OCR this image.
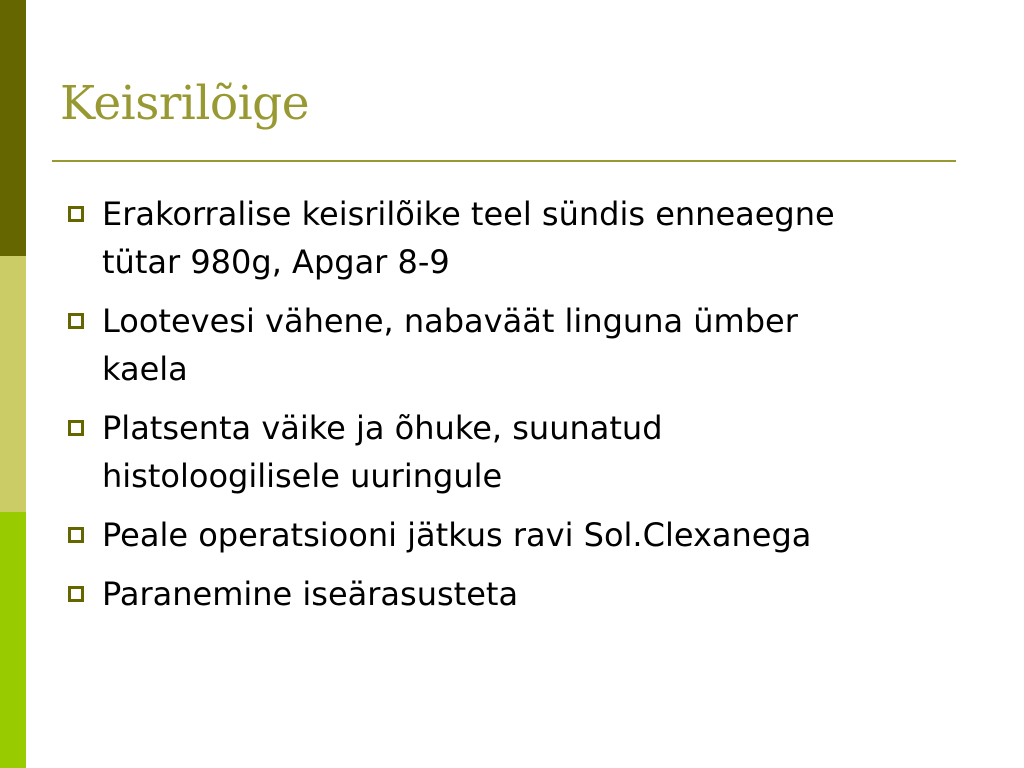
Keisrilõige
Erakorralise keisrilõike teel sündis enneaegne tütar 980g, Apgar 8-9
Lootevesi vähene, nabaväät linguna ümber kaela
Platsenta väike ja õhuke, suunatud histoloogilisele uuringule
Peale operatsiooni jätkus ravi Sol.Clexanega
Paranemine iseärasusteta
